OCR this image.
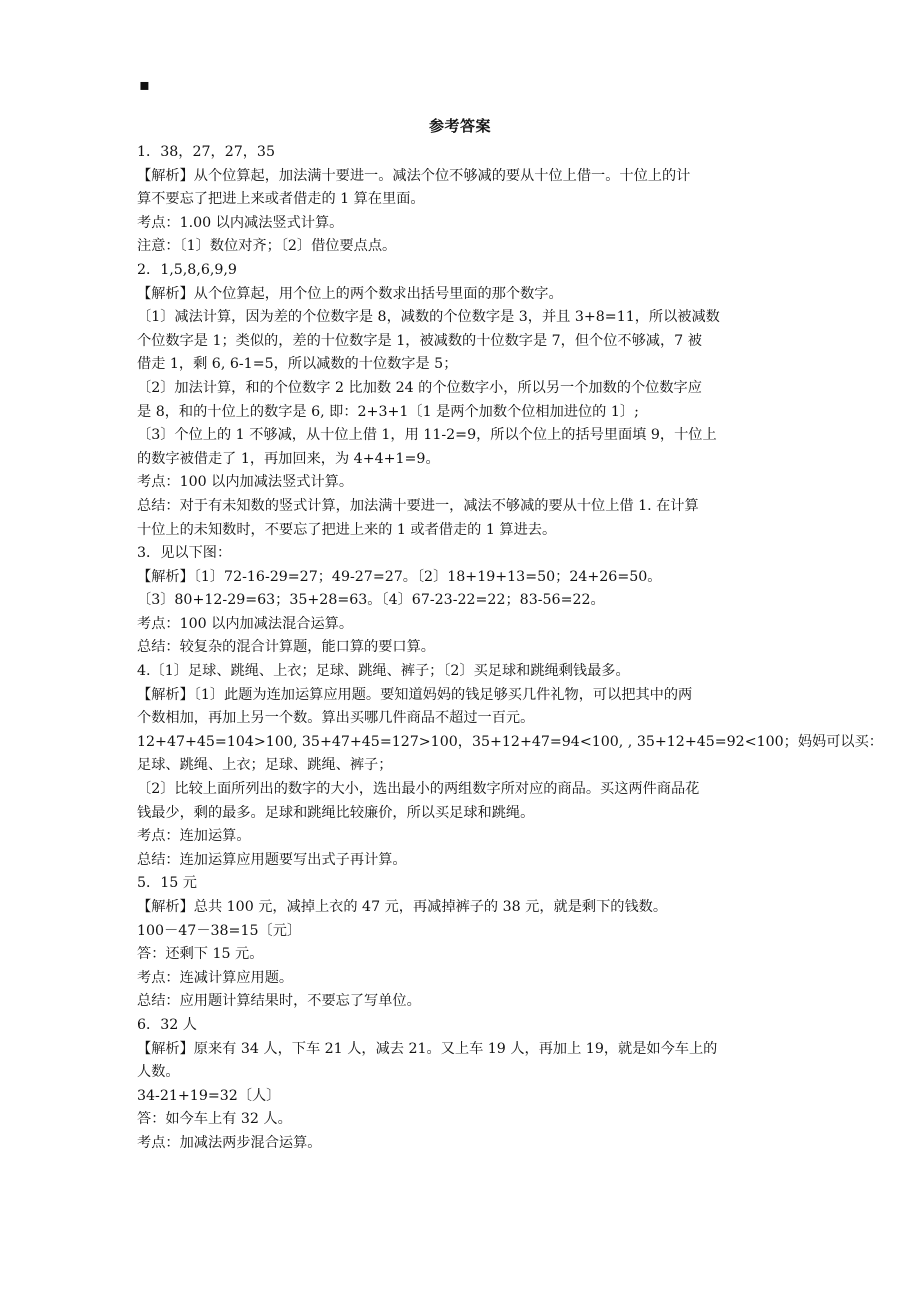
▪
参考答案
1．38，27，27，35
【解析】从个位算起，加法满十要进一。减法个位不够减的要从十位上借一。十位上的计
算不要忘了把进上来或者借走的 1 算在里面。
考点：1.00 以内减法竖式计算。
注意：〔1〕数位对齐；〔2〕借位要点点。
2．1,5,8,6,9,9
【解析】从个位算起，用个位上的两个数求出括号里面的那个数字。
〔1〕减法计算，因为差的个位数字是 8，减数的个位数字是 3，并且 3+8=11，所以被减数
个位数字是 1；类似的，差的十位数字是 1，被减数的十位数字是 7，但个位不够减，7 被
借走 1，剩 6, 6-1=5，所以减数的十位数字是 5；
〔2〕加法计算，和的个位数字 2 比加数 24 的个位数字小，所以另一个加数的个位数字应
是 8，和的十位上的数字是 6, 即：2+3+1〔1 是两个加数个位相加进位的 1〕;
〔3〕个位上的 1 不够减，从十位上借 1，用 11-2=9，所以个位上的括号里面填 9，十位上
的数字被借走了 1，再加回来，为 4+4+1=9。
考点：100 以内加减法竖式计算。
总结：对于有未知数的竖式计算，加法满十要进一，减法不够减的要从十位上借 1. 在计算
十位上的未知数时，不要忘了把进上来的 1 或者借走的 1 算进去。
3．见以下图：
【解析】〔1〕72-16-29=27；49-27=27。〔2〕18+19+13=50；24+26=50。
〔3〕80+12-29=63；35+28=63。〔4〕67-23-22=22；83-56=22。
考点：100 以内加减法混合运算。
总结：较复杂的混合计算题，能口算的要口算。
4.〔1〕足球、跳绳、上衣；足球、跳绳、裤子；〔2〕买足球和跳绳剩钱最多。
【解析】〔1〕此题为连加运算应用题。要知道妈妈的钱足够买几件礼物，可以把其中的两
个数相加，再加上另一个数。算出买哪几件商品不超过一百元。
12+47+45=104>100, 35+47+45=127>100，35+12+47=94<100, , 35+12+45=92<100；妈妈可以买：
足球、跳绳、上衣；足球、跳绳、裤子；
〔2〕比较上面所列出的数字的大小，选出最小的两组数字所对应的商品。买这两件商品花
钱最少，剩的最多。足球和跳绳比较廉价，所以买足球和跳绳。
考点：连加运算。
总结：连加运算应用题要写出式子再计算。
5．15 元
【解析】总共 100 元，减掉上衣的 47 元，再减掉裤子的 38 元，就是剩下的钱数。
100－47－38=15〔元〕
答：还剩下 15 元。
考点：连减计算应用题。
总结：应用题计算结果时，不要忘了写单位。
6．32 人
【解析】原来有 34 人，下车 21 人，减去 21。又上车 19 人，再加上 19，就是如今车上的
人数。
34-21+19=32〔人〕
答：如今车上有 32 人。
考点：加减法两步混合运算。
